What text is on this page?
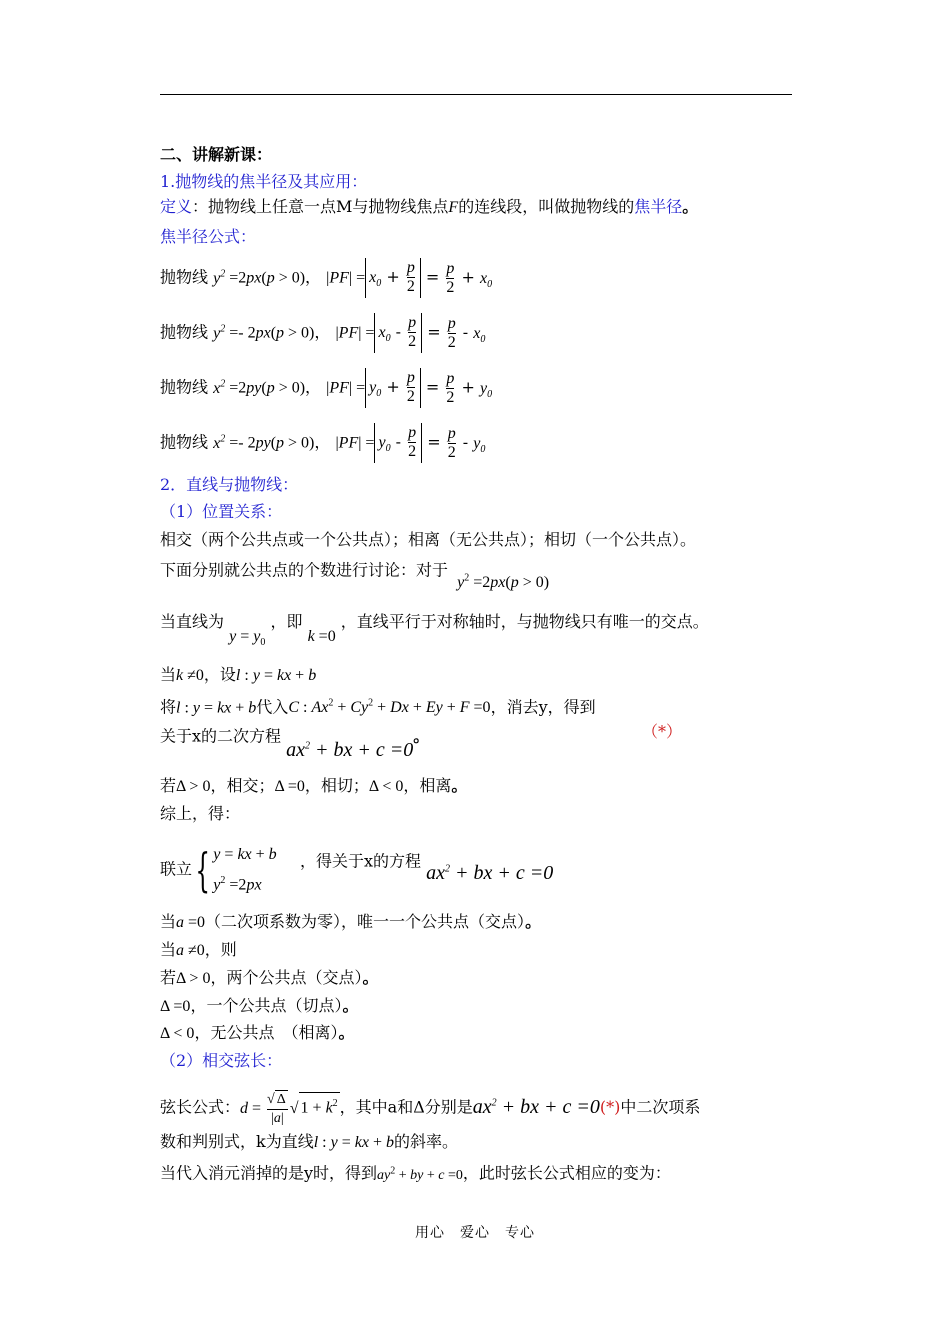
二、讲解新课：
1.抛物线的焦半径及其应用：
定义：抛物线上任意一点M与抛物线焦点F的连线段，叫做抛物线的焦半径。
焦半径公式：
抛物线 $y^2 =2px(p > 0)$， $|PF| = x_0 + \frac{p}{2} = \frac{p}{2} + x_0$
抛物线 $y^2 =- 2px(p > 0)$， $|PF| = x_0 - \frac{p}{2} = \frac{p}{2} - x_0$
抛物线 $x^2 =2py(p > 0)$， $|PF| = y_0 + \frac{p}{2} = \frac{p}{2} + y_0$
抛物线 $x^2 =- 2py(p > 0)$， $|PF| = y_0 - \frac{p}{2} = \frac{p}{2} - y_0$
2．直线与抛物线：
（1）位置关系：
相交（两个公共点或一个公共点）；相离（无公共点）；相切（一个公共点）。
下面分别就公共点的个数进行讨论：对于 $y^2 =2px(p > 0)$
当直线为 $y = y_0$ ，即 k =0 ，直线平行于对称轴时，与抛物线只有唯一的交点。
当k ≠0，设l : y = kx + b
将l : y = kx + b代入C : $Ax^2 + Cy^2 + Dx + Ey + F =0$，消去y，得到
关于x的二次方程 $ax^2$ + bx + c =0。	（*）
若Δ > 0，相交；Δ =0，相切；Δ < 0，相离。
综上，得：
联立{ y = kx + b
$y^2 =2px$
，得关于x的方程 $ax^2$ + bx + c =0
当a =0（二次项系数为零），唯一一个公共点（交点）。
当a ≠0，则
若Δ > 0，两个公共点（交点）。
Δ =0，一个公共点（切点）。
Δ < 0，无公共点　（相离）。
（2）相交弦长：
弦长公式：$d = \frac{√ \Delta}{|a|}$ √ $1 + k^2$ ，其中a和Δ分别是$ax^2$ + bx + c =0(*)中二次项系
数和判别式，k为直线l : y = kx + b的斜率。
当代入消元消掉的是y时，得到$ay^2$ + by + c =0，此时弦长公式相应的变为：
用心　爱心　专心
